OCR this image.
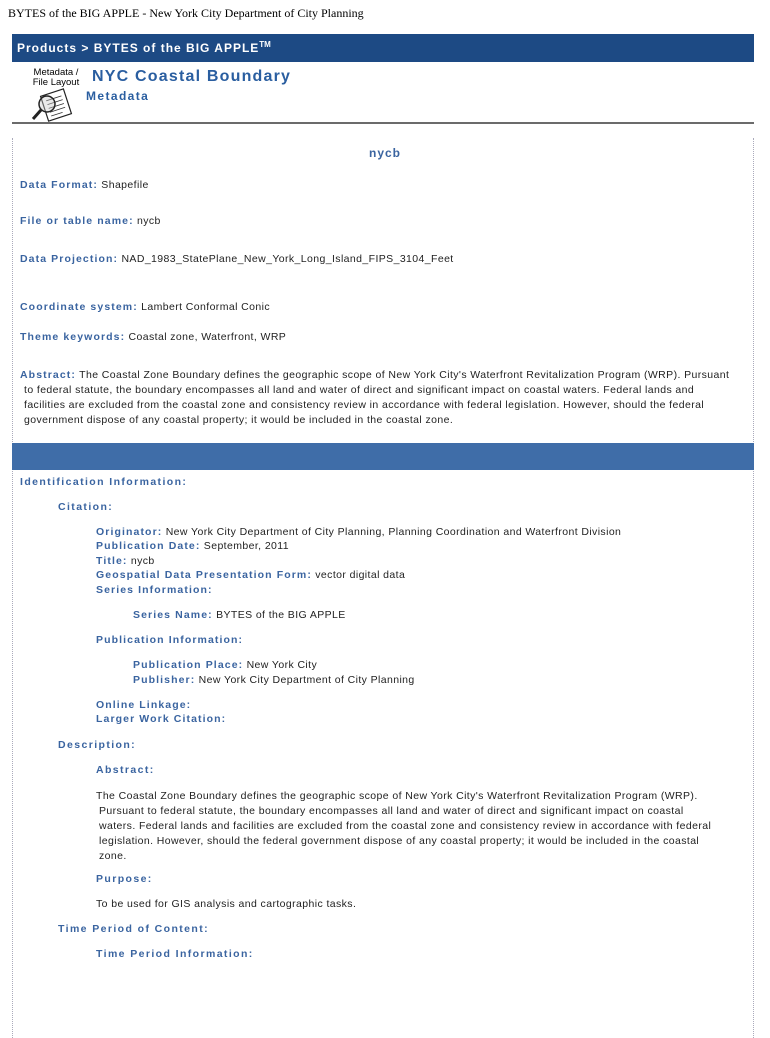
BYTES of the BIG APPLE - New York City Department of City Planning
Products > BYTES of the BIG APPLE™
Metadata /
File Layout NYC Coastal Boundary
Metadata
nycb
Data Format: Shapefile
File or table name: nycb
Data Projection: NAD_1983_StatePlane_New_York_Long_Island_FIPS_3104_Feet
Coordinate system: Lambert Conformal Conic
Theme keywords: Coastal zone, Waterfront, WRP
Abstract: The Coastal Zone Boundary defines the geographic scope of New York City's Waterfront Revitalization Program (WRP). Pursuant
to federal statute, the boundary encompasses all land and water of direct and significant impact on coastal waters. Federal lands and
facilities are excluded from the coastal zone and consistency review in accordance with federal legislation. However, should the federal
government dispose of any coastal property; it would be included in the coastal zone.
Identification Information:
Citation:
Originator: New York City Department of City Planning, Planning Coordination and Waterfront Division
Publication Date: September, 2011
Title: nycb
Geospatial Data Presentation Form: vector digital data
Series Information:
Series Name: BYTES of the BIG APPLE
Publication Information:
Publication Place: New York City
Publisher: New York City Department of City Planning
Online Linkage:
Larger Work Citation:
Description:
Abstract:
The Coastal Zone Boundary defines the geographic scope of New York City's Waterfront Revitalization Program (WRP).
Pursuant to federal statute, the boundary encompasses all land and water of direct and significant impact on coastal
waters. Federal lands and facilities are excluded from the coastal zone and consistency review in accordance with federal
legislation. However, should the federal government dispose of any coastal property; it would be included in the coastal
zone.
Purpose:
To be used for GIS analysis and cartographic tasks.
Time Period of Content:
Time Period Information:
